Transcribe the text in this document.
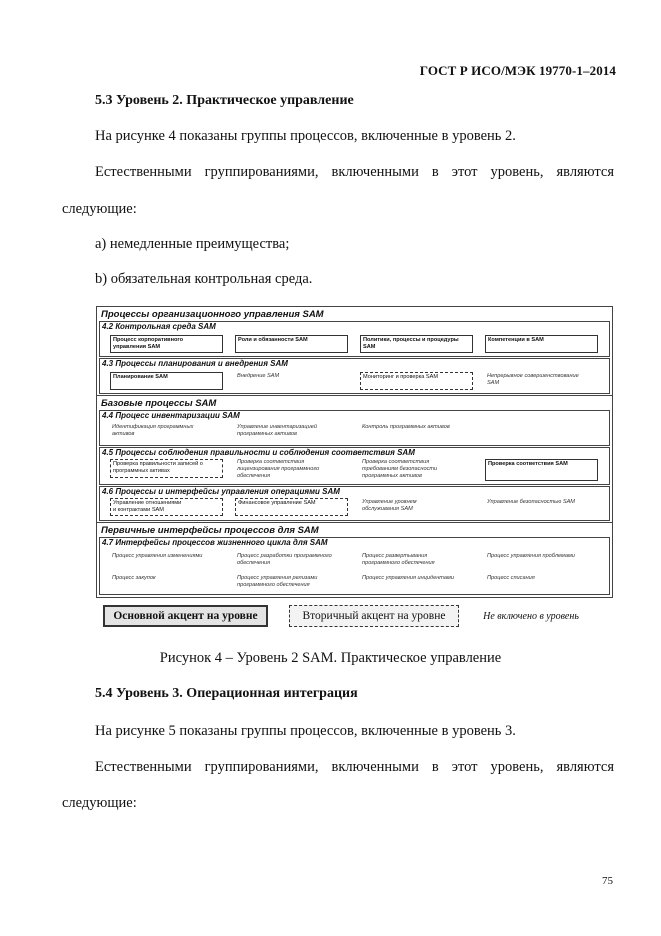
ГОСТ Р ИСО/МЭК 19770-1–2014
5.3 Уровень 2. Практическое управление
На рисунке 4 показаны группы процессов, включенные в уровень 2.
Естественными группированиями, включенными в этот уровень, являются
следующие:
а) немедленные преимущества;
b) обязательная контрольная среда.
Процессы организационного управления SAM
4.2 Контрольная среда SAM
Процесс корпоративного
управления SAM
Роли и обязанности SAM	Политики, процессы и процедуры
SAM
Компетенции в SAM
4.3 Процессы планирования и внедрения SAM
Планирование SAM	Внедрение SAM	Мониторинг и проверка SAM	Непрерывное совершенствование
SAM
Базовые процессы SAM
4.4 Процесс инвентаризации SAM
Идентификация программных
активов
Управление инвентаризацией
программных активов
Контроль программных активов
4.5 Процессы соблюдения правильности и соблюдения соответствия SAM
Проверка правильности записей о
программных активах
Проверка соответствия
лицензирования программного
обеспечения
Проверка соответствия
требованиям безопасности
программных активов
Проверка соответствия SAM
4.6 Процессы и интерфейсы управления операциями SAM
Управление отношениями
и контрактами SAM
Финансовое управление SAM	Управление уровнем
обслуживания SAM
Управление безопасностью SAM
Первичные интерфейсы процессов для SAM
4.7 Интерфейсы процессов жизненного цикла для SAM
Процесс управления изменениями	Процесс разработки программного
обеспечения
Процесс развертывания
программного обеспечения
Процесс управления проблемами
Процесс закупок	Процесс управления релизами
программного обеспечения
Процесс управления инцидентами	Процесс списания
Основной акцент на уровне	Вторичный акцент на уровне	Не включено в уровень
Рисунок 4 – Уровень 2 SAM. Практическое управление
5.4 Уровень 3. Операционная интеграция
На рисунке 5 показаны группы процессов, включенные в уровень 3.
Естественными группированиями, включенными в этот уровень, являются
следующие:
75
